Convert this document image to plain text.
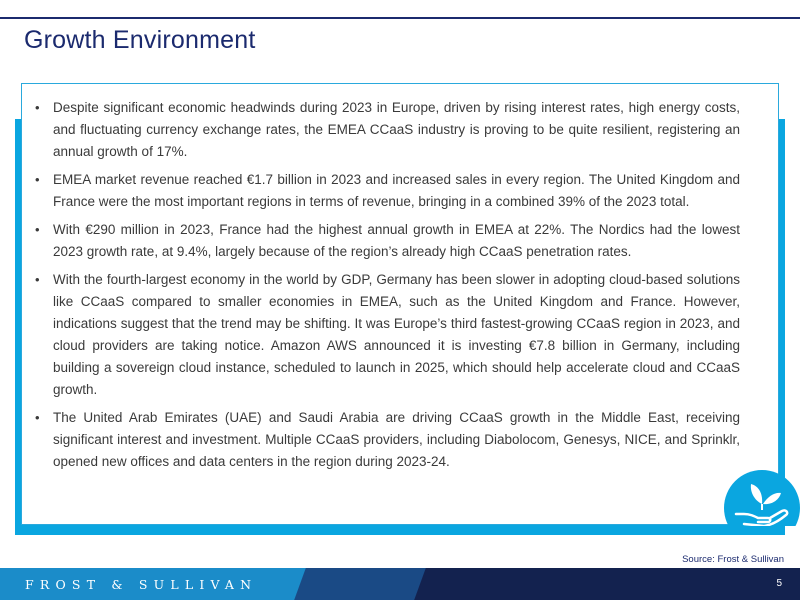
Growth Environment
• Despite significant economic headwinds during 2023 in Europe, driven by rising interest rates, high energy costs, and fluctuating currency exchange rates, the EMEA CCaaS industry is proving to be quite resilient, registering an annual growth of 17%.
• EMEA market revenue reached €1.7 billion in 2023 and increased sales in every region. The United Kingdom and France were the most important regions in terms of revenue, bringing in a combined 39% of the 2023 total.
• With €290 million in 2023, France had the highest annual growth in EMEA at 22%. The Nordics had the lowest 2023 growth rate, at 9.4%, largely because of the region’s already high CCaaS penetration rates.
• With the fourth-largest economy in the world by GDP, Germany has been slower in adopting cloud-based solutions like CCaaS compared to smaller economies in EMEA, such as the United Kingdom and France. However, indications suggest that the trend may be shifting. It was Europe’s third fastest-growing CCaaS region in 2023, and cloud providers are taking notice. Amazon AWS announced it is investing €7.8 billion in Germany, including building a sovereign cloud instance, scheduled to launch in 2025, which should help accelerate cloud and CCaaS growth.
• The United Arab Emirates (UAE) and Saudi Arabia are driving CCaaS growth in the Middle East, receiving significant interest and investment. Multiple CCaaS providers, including Diabolocom, Genesys, NICE, and Sprinklr, opened new offices and data centers in the region during 2023-24.
Source: Frost & Sullivan
FROST & SULLIVAN	5
